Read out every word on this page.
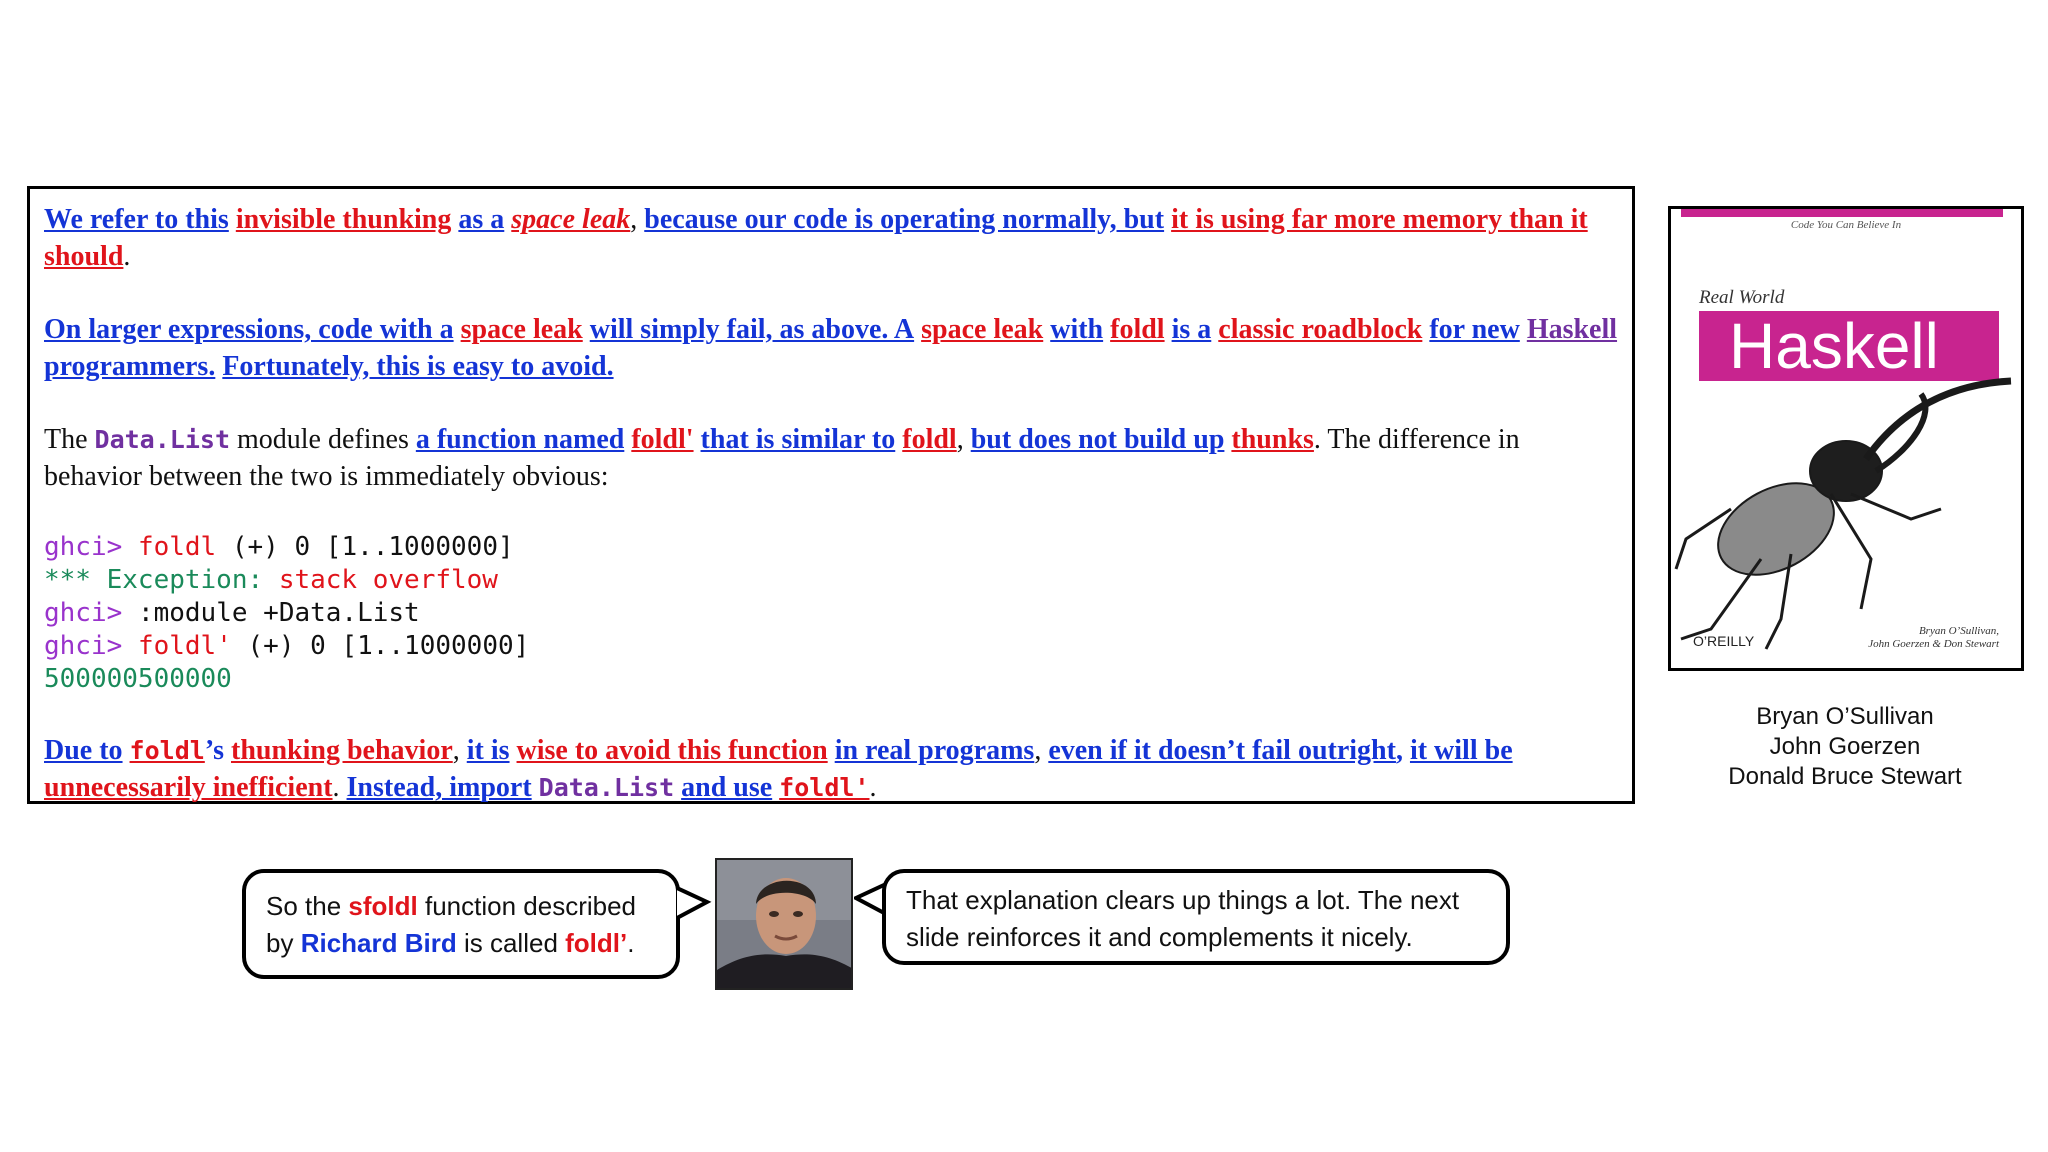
We refer to this invisible thunking as a space leak, because our code is operating normally, but it is using far more memory than it should.

On larger expressions, code with a space leak will simply fail, as above. A space leak with foldl is a classic roadblock for new Haskell programmers. Fortunately, this is easy to avoid.

The Data.List module defines a function named foldl' that is similar to foldl, but does not build up thunks. The difference in behavior between the two is immediately obvious:

ghci> foldl (+) 0 [1..1000000]
*** Exception: stack overflow
ghci> :module +Data.List
ghci> foldl' (+) 0 [1..1000000]
500000500000

Due to foldl’s thunking behavior, it is wise to avoid this function in real programs, even if it doesn’t fail outright, it will be unnecessarily inefficient. Instead, import Data.List and use foldl'.

Code You Can Believe In
Real World
Haskell
O’REILLY
Bryan O’Sullivan,
John Goerzen & Don Stewart
Bryan O’Sullivan
John Goerzen
Donald Bruce Stewart
So the sfoldl function described by Richard Bird is called foldl’.
That explanation clears up things a lot. The next slide reinforces it and complements it nicely.
